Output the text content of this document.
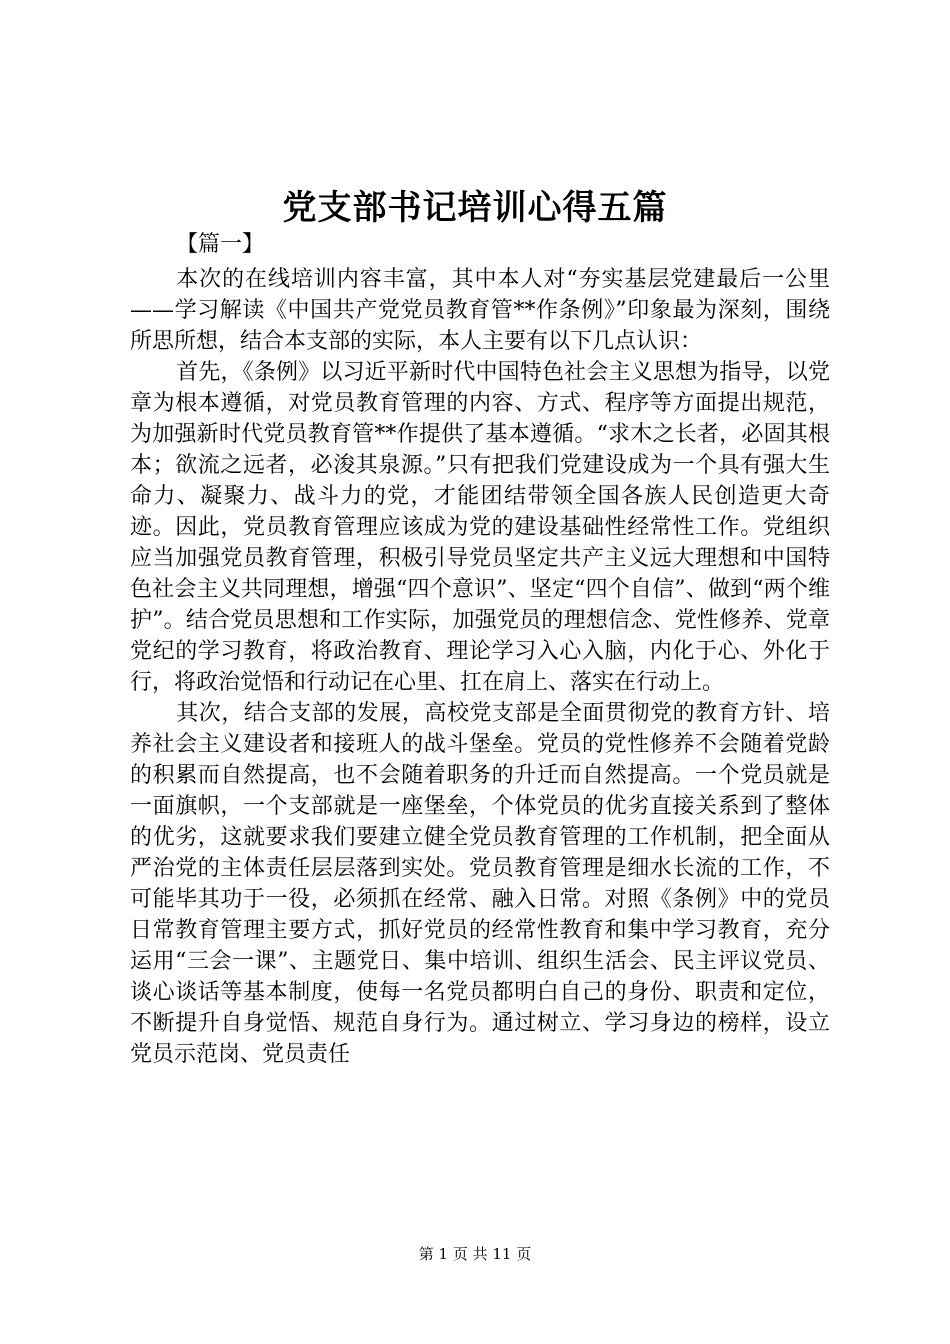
党支部书记培训心得五篇

【篇一】

本次的在线培训内容丰富，其中本人对“夯实基层党建最后一公里——学习解读《中国共产党党员教育管**作条例》”印象最为深刻，围绕所思所想，结合本支部的实际，本人主要有以下几点认识：

首先，《条例》以习近平新时代中国特色社会主义思想为指导，以党章为根本遵循，对党员教育管理的内容、方式、程序等方面提出规范，为加强新时代党员教育管**作提供了基本遵循。“求木之长者，必固其根本；欲流之远者，必浚其泉源。”只有把我们党建设成为一个具有强大生命力、凝聚力、战斗力的党，才能团结带领全国各族人民创造更大奇迹。因此，党员教育管理应该成为党的建设基础性经常性工作。党组织应当加强党员教育管理，积极引导党员坚定共产主义远大理想和中国特色社会主义共同理想，增强“四个意识”、坚定“四个自信”、做到“两个维护”。结合党员思想和工作实际，加强党员的理想信念、党性修养、党章党纪的学习教育，将政治教育、理论学习入心入脑，内化于心、外化于行，将政治觉悟和行动记在心里、扛在肩上、落实在行动上。

其次，结合支部的发展，高校党支部是全面贯彻党的教育方针、培养社会主义建设者和接班人的战斗堡垒。党员的党性修养不会随着党龄的积累而自然提高，也不会随着职务的升迁而自然提高。一个党员就是一面旗帜，一个支部就是一座堡垒，个体党员的优劣直接关系到了整体的优劣，这就要求我们要建立健全党员教育管理的工作机制，把全面从严治党的主体责任层层落到实处。党员教育管理是细水长流的工作，不可能毕其功于一役，必须抓在经常、融入日常。对照《条例》中的党员日常教育管理主要方式，抓好党员的经常性教育和集中学习教育，充分运用“三会一课”、主题党日、集中培训、组织生活会、民主评议党员、谈心谈话等基本制度，使每一名党员都明白自己的身份、职责和定位，不断提升自身觉悟、规范自身行为。通过树立、学习身边的榜样，设立党员示范岗、党员责任

第 1 页 共 11 页
